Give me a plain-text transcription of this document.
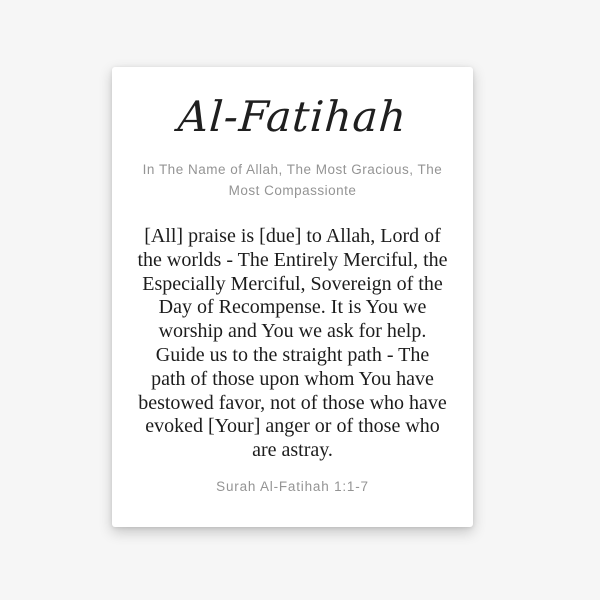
Al-Fatihah
In The Name of Allah, The Most Gracious, The
Most Compassionte
[All] praise is [due] to Allah, Lord of
the worlds - The Entirely Merciful, the
Especially Merciful, Sovereign of the
Day of Recompense. It is You we
worship and You we ask for help.
Guide us to the straight path - The
path of those upon whom You have
bestowed favor, not of those who have
evoked [Your] anger or of those who
are astray.
Surah Al-Fatihah 1:1-7
